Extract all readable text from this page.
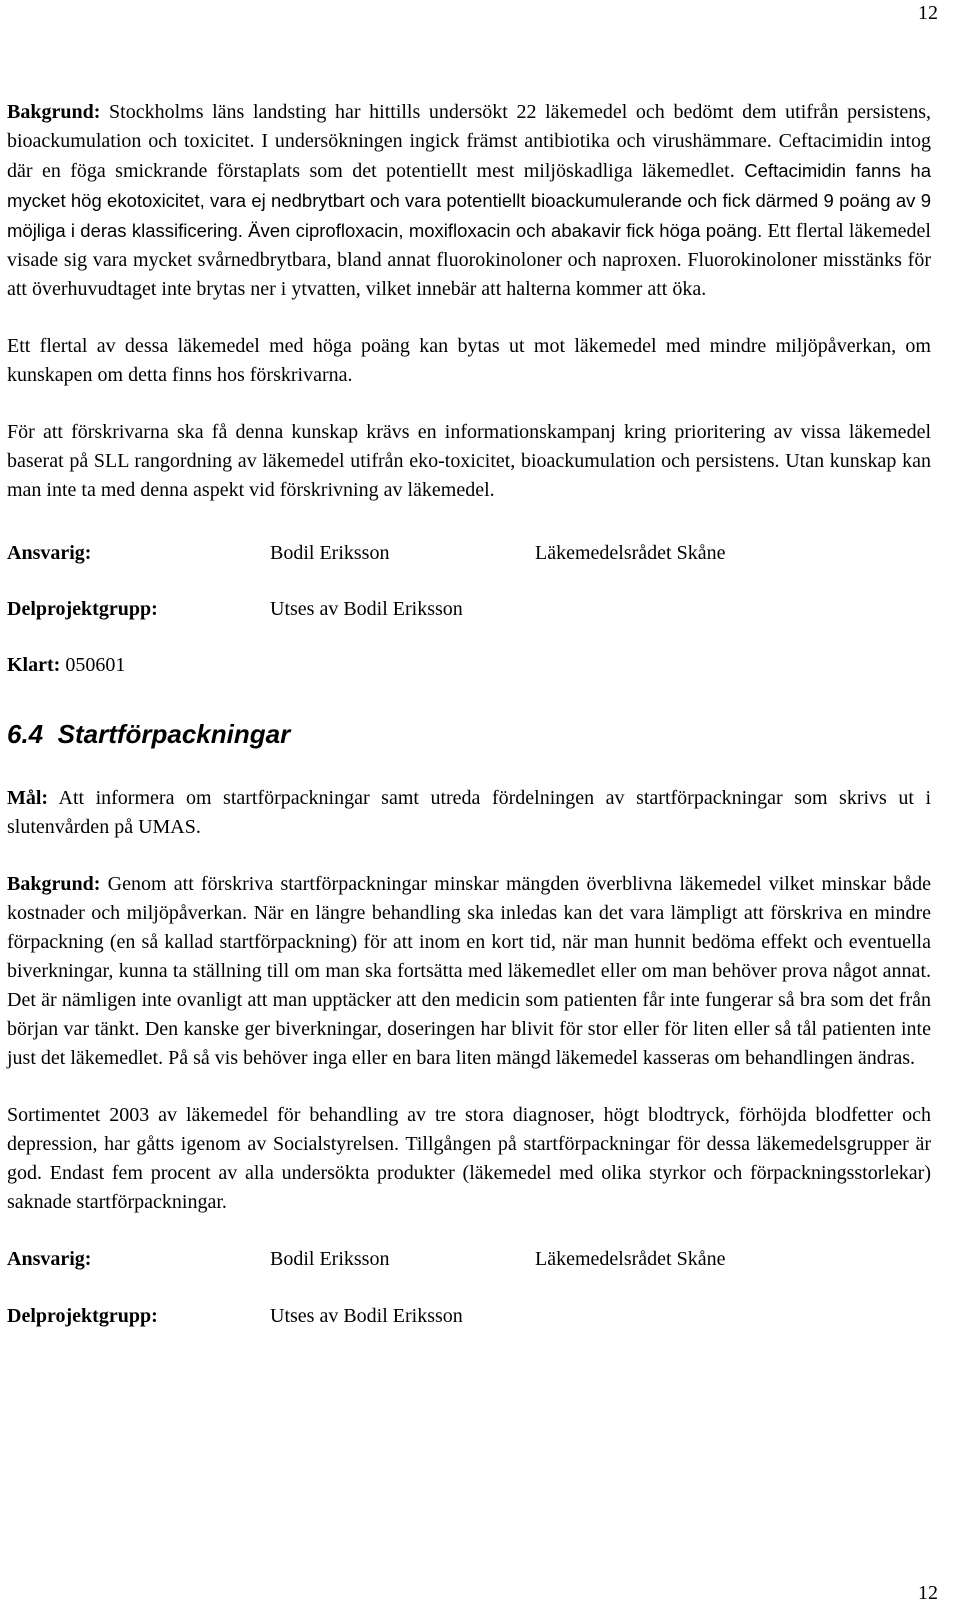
12

Bakgrund: Stockholms läns landsting har hittills undersökt 22 läkemedel och bedömt dem utifrån persistens, bioackumulation och toxicitet. I undersökningen ingick främst antibiotika och virushämmare. Ceftacimidin intog där en föga smickrande förstaplats som det potentiellt mest miljöskadliga läkemedlet. Ceftacimidin fanns ha mycket hög ekotoxicitet, vara ej nedbrytbart och vara potentiellt bioackumulerande och fick därmed 9 poäng av 9 möjliga i deras klassificering. Även ciprofloxacin, moxifloxacin och abakavir fick höga poäng. Ett flertal läkemedel visade sig vara mycket svårnedbrytbara, bland annat fluorokinoloner och naproxen. Fluorokinoloner misstänks för att överhuvudtaget inte brytas ner i ytvatten, vilket innebär att halterna kommer att öka.

Ett flertal av dessa läkemedel med höga poäng kan bytas ut mot läkemedel med mindre miljöpåverkan, om kunskapen om detta finns hos förskrivarna.

För att förskrivarna ska få denna kunskap krävs en informationskampanj kring prioritering av vissa läkemedel baserat på SLL rangordning av läkemedel utifrån eko-toxicitet, bioackumulation och persistens. Utan kunskap kan man inte ta med denna aspekt vid förskrivning av läkemedel.

Ansvarig:	Bodil Eriksson	Läkemedelsrådet Skåne
Delprojektgrupp:	Utses av Bodil Eriksson
Klart: 050601
6.4 Startförpackningar

Mål: Att informera om startförpackningar samt utreda fördelningen av startförpackningar som skrivs ut i slutenvården på UMAS.

Bakgrund: Genom att förskriva startförpackningar minskar mängden överblivna läkemedel vilket minskar både kostnader och miljöpåverkan. När en längre behandling ska inledas kan det vara lämpligt att förskriva en mindre förpackning (en så kallad startförpackning) för att inom en kort tid, när man hunnit bedöma effekt och eventuella biverkningar, kunna ta ställning till om man ska fortsätta med läkemedlet eller om man behöver prova något annat. Det är nämligen inte ovanligt att man upptäcker att den medicin som patienten får inte fungerar så bra som det från början var tänkt. Den kanske ger biverkningar, doseringen har blivit för stor eller för liten eller så tål patienten inte just det läkemedlet. På så vis behöver inga eller en bara liten mängd läkemedel kasseras om behandlingen ändras.

Sortimentet 2003 av läkemedel för behandling av tre stora diagnoser, högt blodtryck, förhöjda blodfetter och depression, har gåtts igenom av Socialstyrelsen. Tillgången på startförpackningar för dessa läkemedelsgrupper är god. Endast fem procent av alla undersökta produkter (läkemedel med olika styrkor och förpackningsstorlekar) saknade startförpackningar.

Ansvarig:	Bodil Eriksson	Läkemedelsrådet Skåne
Delprojektgrupp:	Utses av Bodil Eriksson
12
